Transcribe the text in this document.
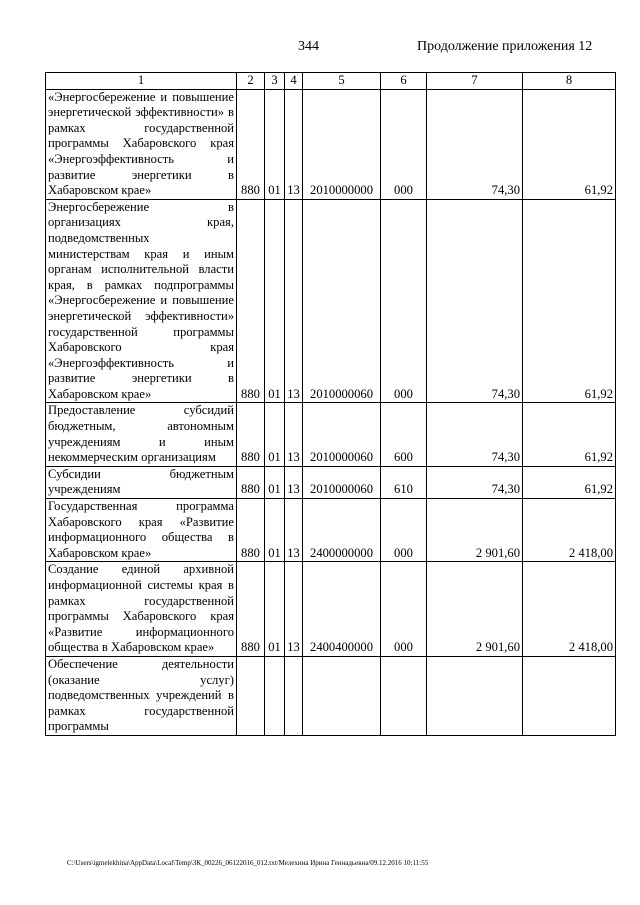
344	Продолжение приложения 12
1	2	3	4	5	6	7	8
«Энергосбережение и повышение энергетической эффективности» в рамках государственной программы Хабаровского края «Энергоэффективность и развитие энергетики в Хабаровском крае»	880	01	13	2010000000	000	74,30	61,92
Энергосбережение в организациях края, подведомственных министерствам края и иным органам исполнительной власти края, в рамках подпрограммы «Энергосбережение и повышение энергетической эффективности» государственной программы Хабаровского края «Энергоэффективность и развитие энергетики в Хабаровском крае»	880	01	13	2010000060	000	74,30	61,92
Предоставление субсидий бюджетным, автономным учреждениям и иным некоммерческим организациям	880	01	13	2010000060	600	74,30	61,92
Субсидии бюджетным учреждениям	880	01	13	2010000060	610	74,30	61,92
Государственная программа Хабаровского края «Развитие информационного общества в Хабаровском крае»	880	01	13	2400000000	000	2 901,60	2 418,00
Создание единой архивной информационной системы края в рамках государственной программы Хабаровского края «Развитие информационного общества в Хабаровском крае»	880	01	13	2400400000	000	2 901,60	2 418,00
Обеспечение деятельности (оказание услуг) подведомственных учреждений в рамках государственной программы							
C:\Users\igmelekhina\AppData\Local\Temp\ЗК_00226_06122016_012.txt/Мелехина Ирина Геннадьевна/09.12.2016 10:11:55
